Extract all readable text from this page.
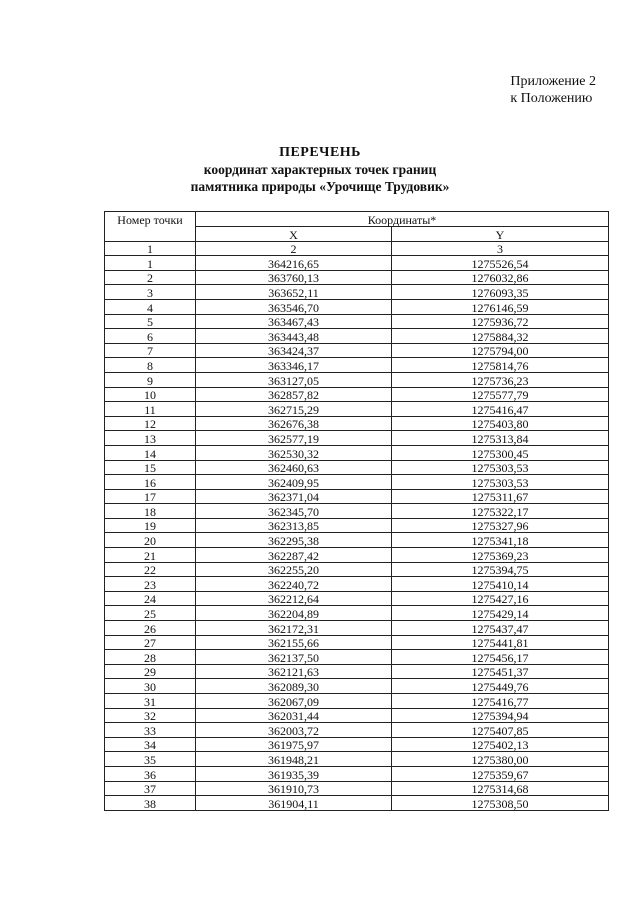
Приложение 2
к Положению
ПЕРЕЧЕНЬ
координат характерных точек границ
памятника природы «Урочище Трудовик»
Номер точки	Координаты*	
	X	Y
1	2	3
1	364216,65	1275526,54
2	363760,13	1276032,86
3	363652,11	1276093,35
4	363546,70	1276146,59
5	363467,43	1275936,72
6	363443,48	1275884,32
7	363424,37	1275794,00
8	363346,17	1275814,76
9	363127,05	1275736,23
10	362857,82	1275577,79
11	362715,29	1275416,47
12	362676,38	1275403,80
13	362577,19	1275313,84
14	362530,32	1275300,45
15	362460,63	1275303,53
16	362409,95	1275303,53
17	362371,04	1275311,67
18	362345,70	1275322,17
19	362313,85	1275327,96
20	362295,38	1275341,18
21	362287,42	1275369,23
22	362255,20	1275394,75
23	362240,72	1275410,14
24	362212,64	1275427,16
25	362204,89	1275429,14
26	362172,31	1275437,47
27	362155,66	1275441,81
28	362137,50	1275456,17
29	362121,63	1275451,37
30	362089,30	1275449,76
31	362067,09	1275416,77
32	362031,44	1275394,94
33	362003,72	1275407,85
34	361975,97	1275402,13
35	361948,21	1275380,00
36	361935,39	1275359,67
37	361910,73	1275314,68
38	361904,11	1275308,50
